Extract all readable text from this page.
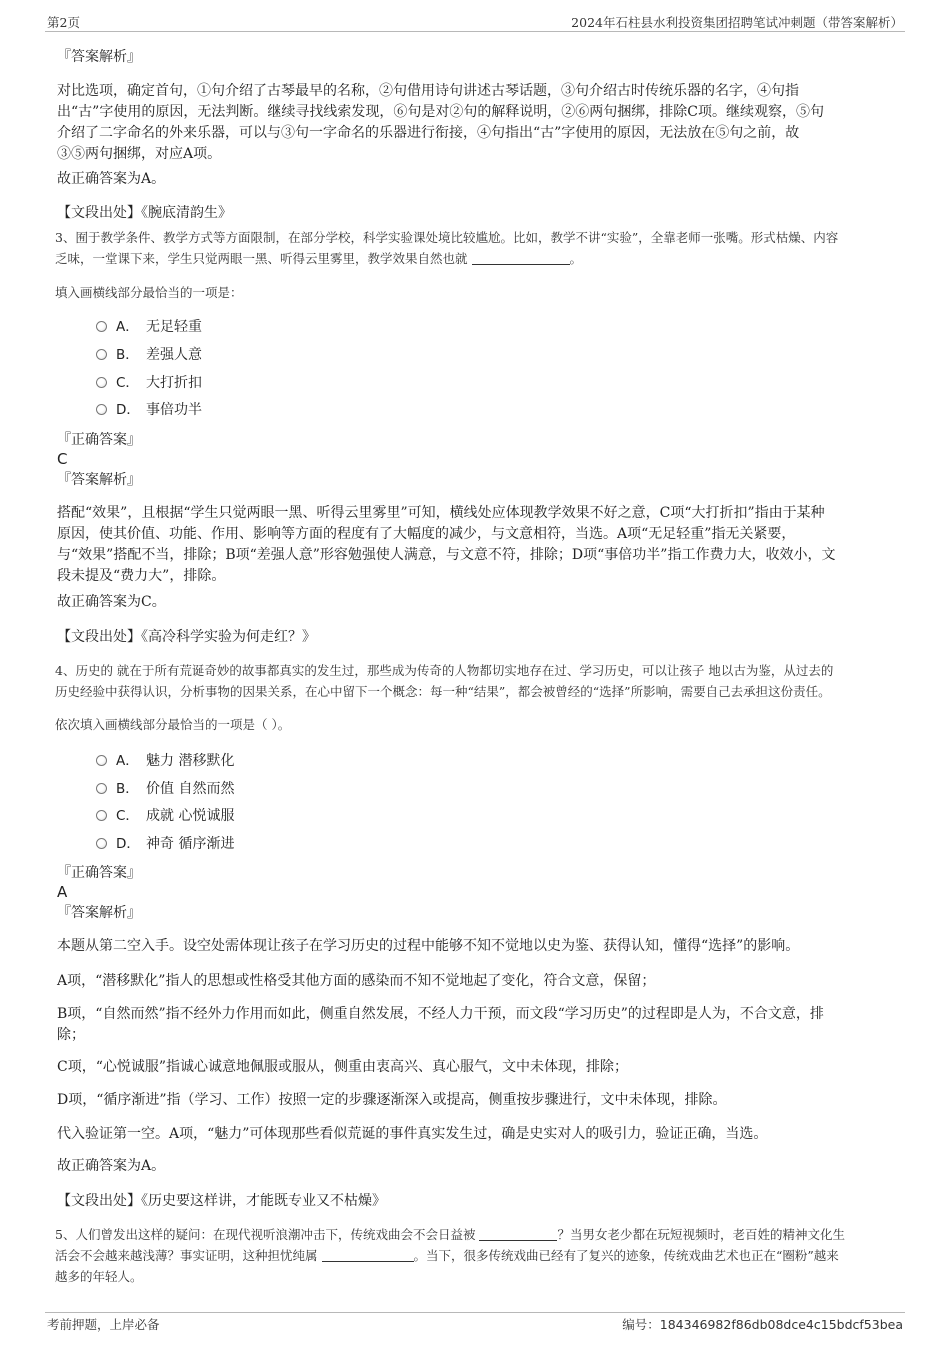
第2页	2024年石柱县水利投资集团招聘笔试冲刺题（带答案解析）
『答案解析』
对比选项，确定首句，①句介绍了古琴最早的名称，②句借用诗句讲述古琴话题，③句介绍古时传统乐器的名字，④句指
出“古”字使用的原因，无法判断。继续寻找线索发现，⑥句是对②句的解释说明，②⑥两句捆绑，排除C项。继续观察，⑤句
介绍了二字命名的外来乐器，可以与③句一字命名的乐器进行衔接，④句指出“古”字使用的原因，无法放在⑤句之前，故
③⑤两句捆绑，对应A项。
故正确答案为A。
【文段出处】《腕底清韵生》
3、囿于教学条件、教学方式等方面限制，在部分学校，科学实验课处境比较尴尬。比如，教学不讲“实验”，全靠老师一张嘴。形式枯燥、内容
乏味，一堂课下来，学生只觉两眼一黑、听得云里雾里，教学效果自然也就	。
填入画横线部分最恰当的一项是：
A． 无足轻重
B． 差强人意
C． 大打折扣
D． 事倍功半
『正确答案』
C
『答案解析』
搭配“效果”，且根据“学生只觉两眼一黑、听得云里雾里”可知，横线处应体现教学效果不好之意，C项“大打折扣”指由于某种
原因，使其价值、功能、作用、影响等方面的程度有了大幅度的减少，与文意相符，当选。A项“无足轻重”指无关紧要，
与“效果”搭配不当，排除；B项“差强人意”形容勉强使人满意，与文意不符，排除；D项“事倍功半”指工作费力大，收效小，文
段未提及“费力大”，排除。
故正确答案为C。
【文段出处】《高冷科学实验为何走红？》
4、历史的 就在于所有荒诞奇妙的故事都真实的发生过，那些成为传奇的人物都切实地存在过、学习历史，可以让孩子 地以古为鉴，从过去的
历史经验中获得认识，分析事物的因果关系，在心中留下一个概念：每一种“结果”，都会被曾经的“选择”所影响，需要自己去承担这份责任。
依次填入画横线部分最恰当的一项是（ ）。
A． 魅力 潜移默化
B． 价值 自然而然
C． 成就 心悦诚服
D． 神奇 循序渐进
『正确答案』
A
『答案解析』
本题从第二空入手。设空处需体现让孩子在学习历史的过程中能够不知不觉地以史为鉴、获得认知，懂得“选择”的影响。
A项，“潜移默化”指人的思想或性格受其他方面的感染而不知不觉地起了变化，符合文意，保留；
B项，“自然而然”指不经外力作用而如此，侧重自然发展，不经人力干预，而文段“学习历史”的过程即是人为，不合文意，排
除；
C项，“心悦诚服”指诚心诚意地佩服或服从，侧重由衷高兴、真心服气，文中未体现，排除；
D项，“循序渐进”指（学习、工作）按照一定的步骤逐渐深入或提高，侧重按步骤进行，文中未体现，排除。
代入验证第一空。A项，“魅力”可体现那些看似荒诞的事件真实发生过，确是史实对人的吸引力，验证正确，当选。
故正确答案为A。
【文段出处】《历史要这样讲，才能既专业又不枯燥》
5、人们曾发出这样的疑问：在现代视听浪潮冲击下，传统戏曲会不会日益被	？当男女老少都在玩短视频时，老百姓的精神文化生
活会不会越来越浅薄？事实证明，这种担忧纯属	。当下，很多传统戏曲已经有了复兴的迹象，传统戏曲艺术也正在“圈粉”越来
越多的年轻人。
考前押题，上岸必备	编号：184346982f86db08dce4c15bdcf53bea
